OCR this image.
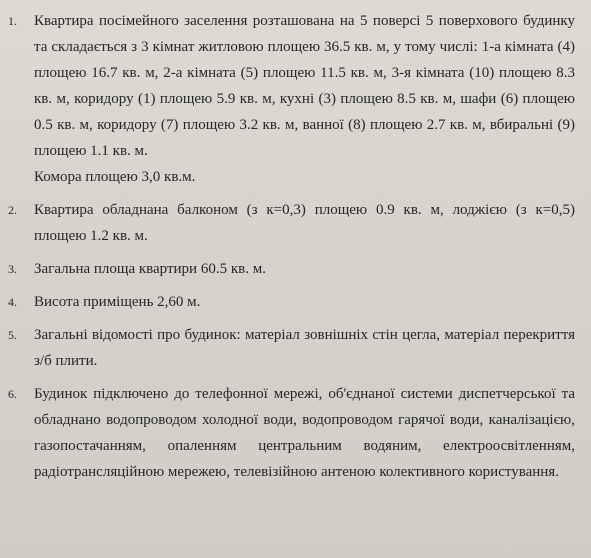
1. Квартира посімейного заселення розташована на 5 поверсі 5 поверхового будинку та складається з 3 кімнат житловою площею 36.5 кв. м, у тому числі: 1-а кімната (4) площею 16.7 кв. м, 2-а кімната (5) площею 11.5 кв. м, 3-я кімната (10) площею 8.3 кв. м, коридору (1) площею 5.9 кв. м, кухні (3) площею 8.5 кв. м, шафи (6) площею 0.5 кв. м, коридору (7) площею 3.2 кв. м, ванної (8) площею 2.7 кв. м, вбиральні (9) площею 1.1 кв. м.
Комора площею 3,0 кв.м.
2. Квартира обладнана балконом (з к=0,3) площею 0.9 кв. м, лоджією (з к=0,5) площею 1.2 кв. м.
3. Загальна площа квартири 60.5 кв. м.
4. Висота приміщень 2,60 м.
5. Загальні відомості про будинок: матеріал зовнішніх стін цегла, матеріал перекриття з/б плити.
6. Будинок підключено до телефонної мережі, об'єднаної системи диспетчерської та обладнано водопроводом холодної води, водопроводом гарячої води, каналізацією, газопостачанням, опаленням центральним водяним, електроосвітленням, радіотрансляційною мережею, телевізійною антеною колективного користування.
